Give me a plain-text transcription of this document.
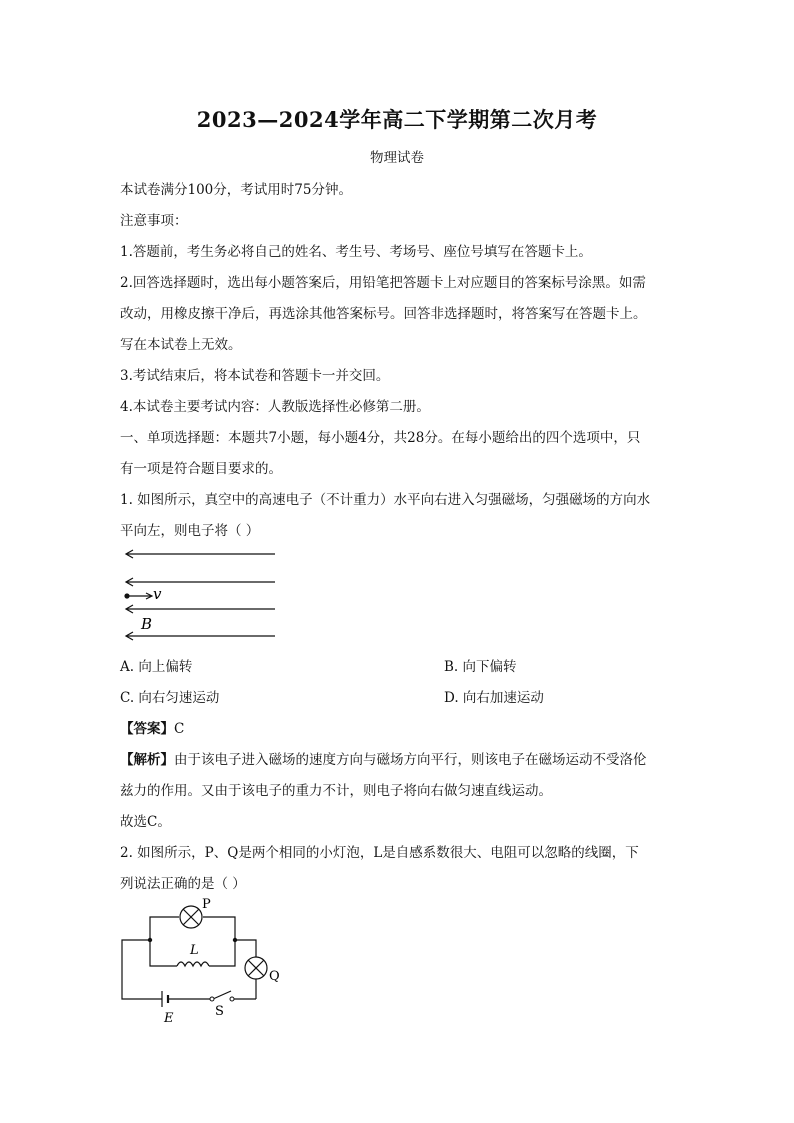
2023—2024学年高二下学期第二次月考
物理试卷
本试卷满分100分，考试用时75分钟。
注意事项：
1.答题前，考生务必将自己的姓名、考生号、考场号、座位号填写在答题卡上。
2.回答选择题时，选出每小题答案后，用铅笔把答题卡上对应题目的答案标号涂黑。如需
改动，用橡皮擦干净后，再选涂其他答案标号。回答非选择题时，将答案写在答题卡上。
写在本试卷上无效。
3.考试结束后，将本试卷和答题卡一并交回。
4.本试卷主要考试内容：人教版选择性必修第二册。
一、单项选择题：本题共7小题，每小题4分，共28分。在每小题给出的四个选项中，只
有一项是符合题目要求的。
1. 如图所示，真空中的高速电子（不计重力）水平向右进入匀强磁场，匀强磁场的方向水
平向左，则电子将（ ）
v
B
A. 向上偏转	B. 向下偏转
C. 向右匀速运动	D. 向右加速运动
【答案】C
【解析】由于该电子进入磁场的速度方向与磁场方向平行，则该电子在磁场运动不受洛伦
兹力的作用。又由于该电子的重力不计，则电子将向右做匀速直线运动。
故选C。
2. 如图所示，P、Q是两个相同的小灯泡，L是自感系数很大、电阻可以忽略的线圈，下
列说法正确的是（ ）
P
L
Q
E	S
